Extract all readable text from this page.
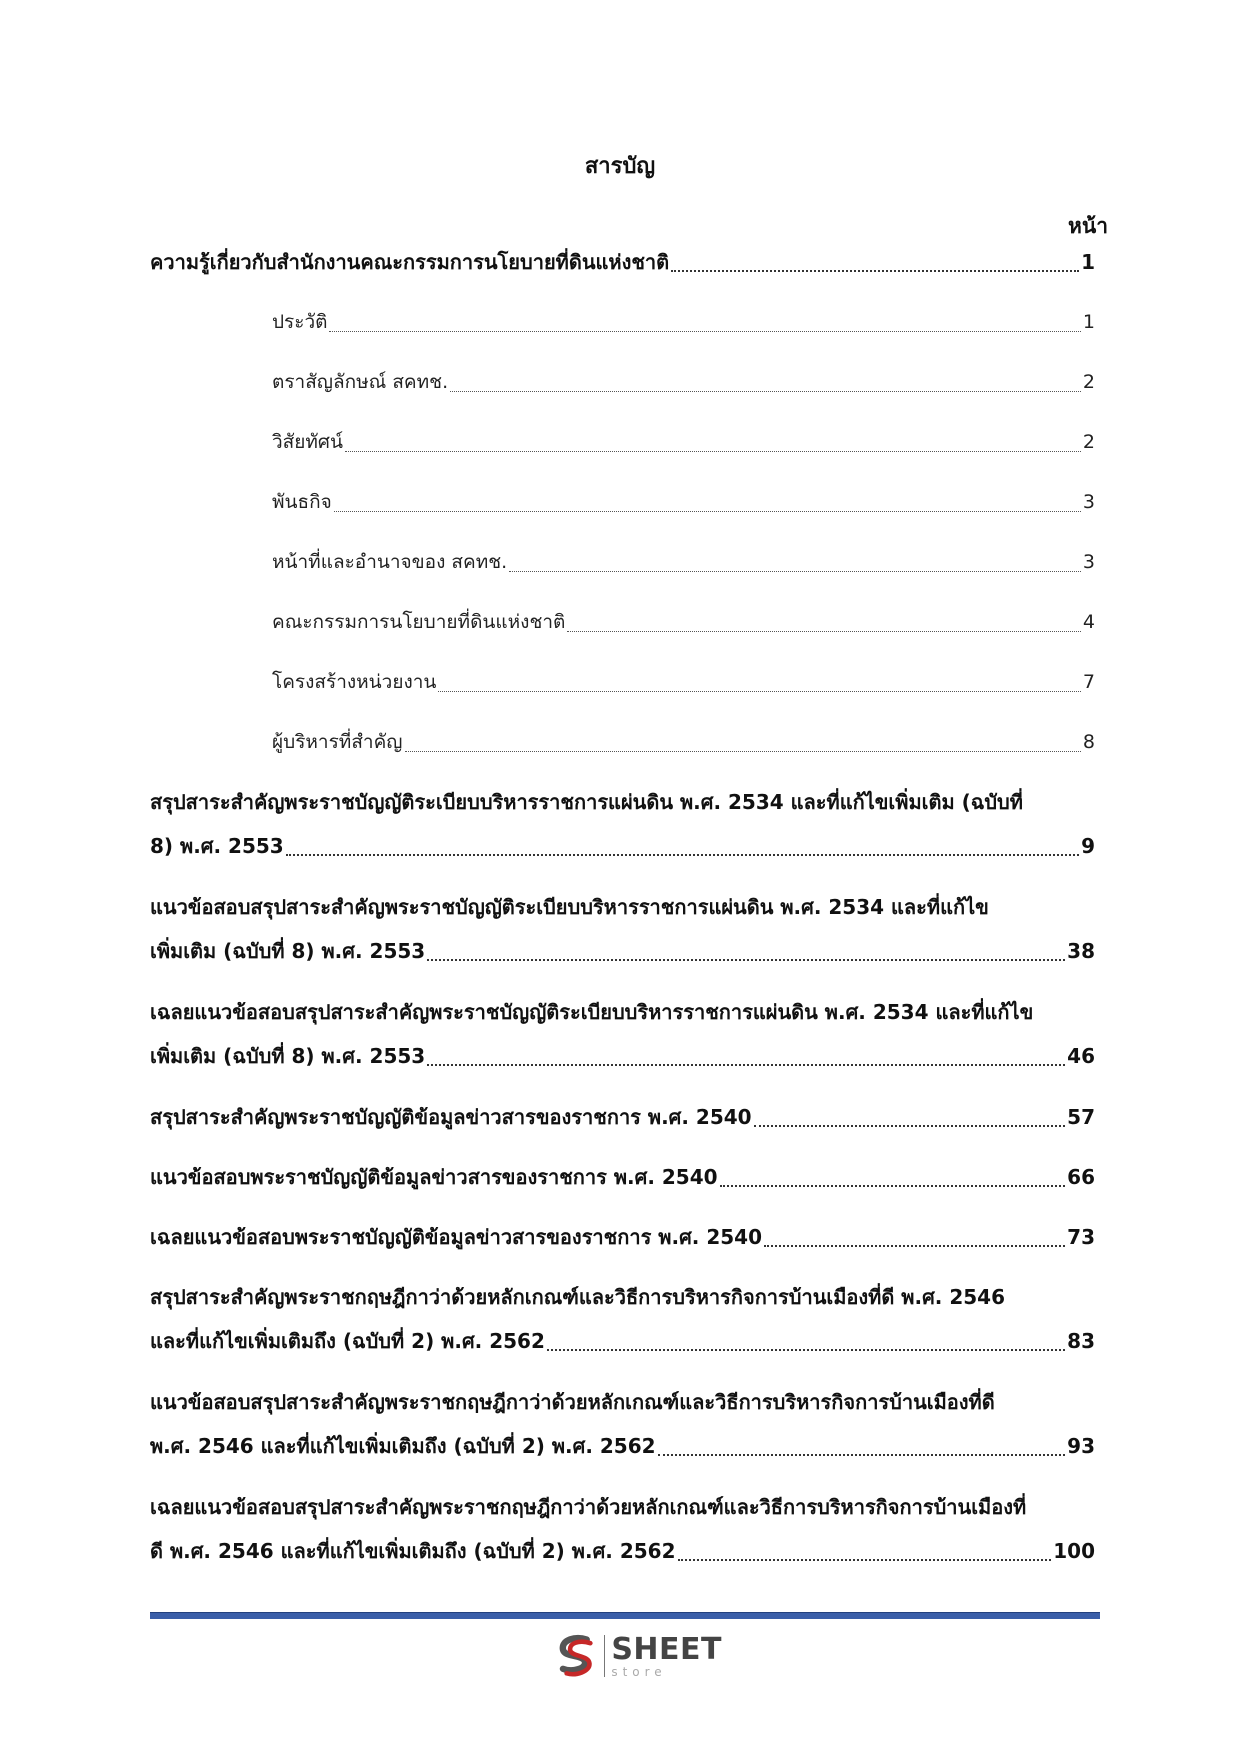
สารบัญ
หน้า
ความรู้เกี่ยวกับสำนักงานคณะกรรมการนโยบายที่ดินแห่งชาติ	1
ประวัติ	1
ตราสัญลักษณ์ สคทช.	2
วิสัยทัศน์	2
พันธกิจ	3
หน้าที่และอำนาจของ สคทช.	3
คณะกรรมการนโยบายที่ดินแห่งชาติ	4
โครงสร้างหน่วยงาน	7
ผู้บริหารที่สำคัญ	8
สรุปสาระสำคัญพระราชบัญญัติระเบียบบริหารราชการแผ่นดิน พ.ศ. 2534 และที่แก้ไขเพิ่มเติม (ฉบับที่
8) พ.ศ. 2553	9
แนวข้อสอบสรุปสาระสำคัญพระราชบัญญัติระเบียบบริหารราชการแผ่นดิน พ.ศ. 2534 และที่แก้ไข
เพิ่มเติม (ฉบับที่ 8) พ.ศ. 2553	38
เฉลยแนวข้อสอบสรุปสาระสำคัญพระราชบัญญัติระเบียบบริหารราชการแผ่นดิน พ.ศ. 2534 และที่แก้ไข
เพิ่มเติม (ฉบับที่ 8) พ.ศ. 2553	46
สรุปสาระสำคัญพระราชบัญญัติข้อมูลข่าวสารของราชการ พ.ศ. 2540	57
แนวข้อสอบพระราชบัญญัติข้อมูลข่าวสารของราชการ พ.ศ. 2540	66
เฉลยแนวข้อสอบพระราชบัญญัติข้อมูลข่าวสารของราชการ พ.ศ. 2540	73
สรุปสาระสำคัญพระราชกฤษฎีกาว่าด้วยหลักเกณฑ์และวิธีการบริหารกิจการบ้านเมืองที่ดี พ.ศ. 2546
และที่แก้ไขเพิ่มเติมถึง (ฉบับที่ 2) พ.ศ. 2562	83
แนวข้อสอบสรุปสาระสำคัญพระราชกฤษฎีกาว่าด้วยหลักเกณฑ์และวิธีการบริหารกิจการบ้านเมืองที่ดี
พ.ศ. 2546 และที่แก้ไขเพิ่มเติมถึง (ฉบับที่ 2) พ.ศ. 2562	93
เฉลยแนวข้อสอบสรุปสาระสำคัญพระราชกฤษฎีกาว่าด้วยหลักเกณฑ์และวิธีการบริหารกิจการบ้านเมืองที่
ดี พ.ศ. 2546 และที่แก้ไขเพิ่มเติมถึง (ฉบับที่ 2) พ.ศ. 2562	100
SHEET
store
